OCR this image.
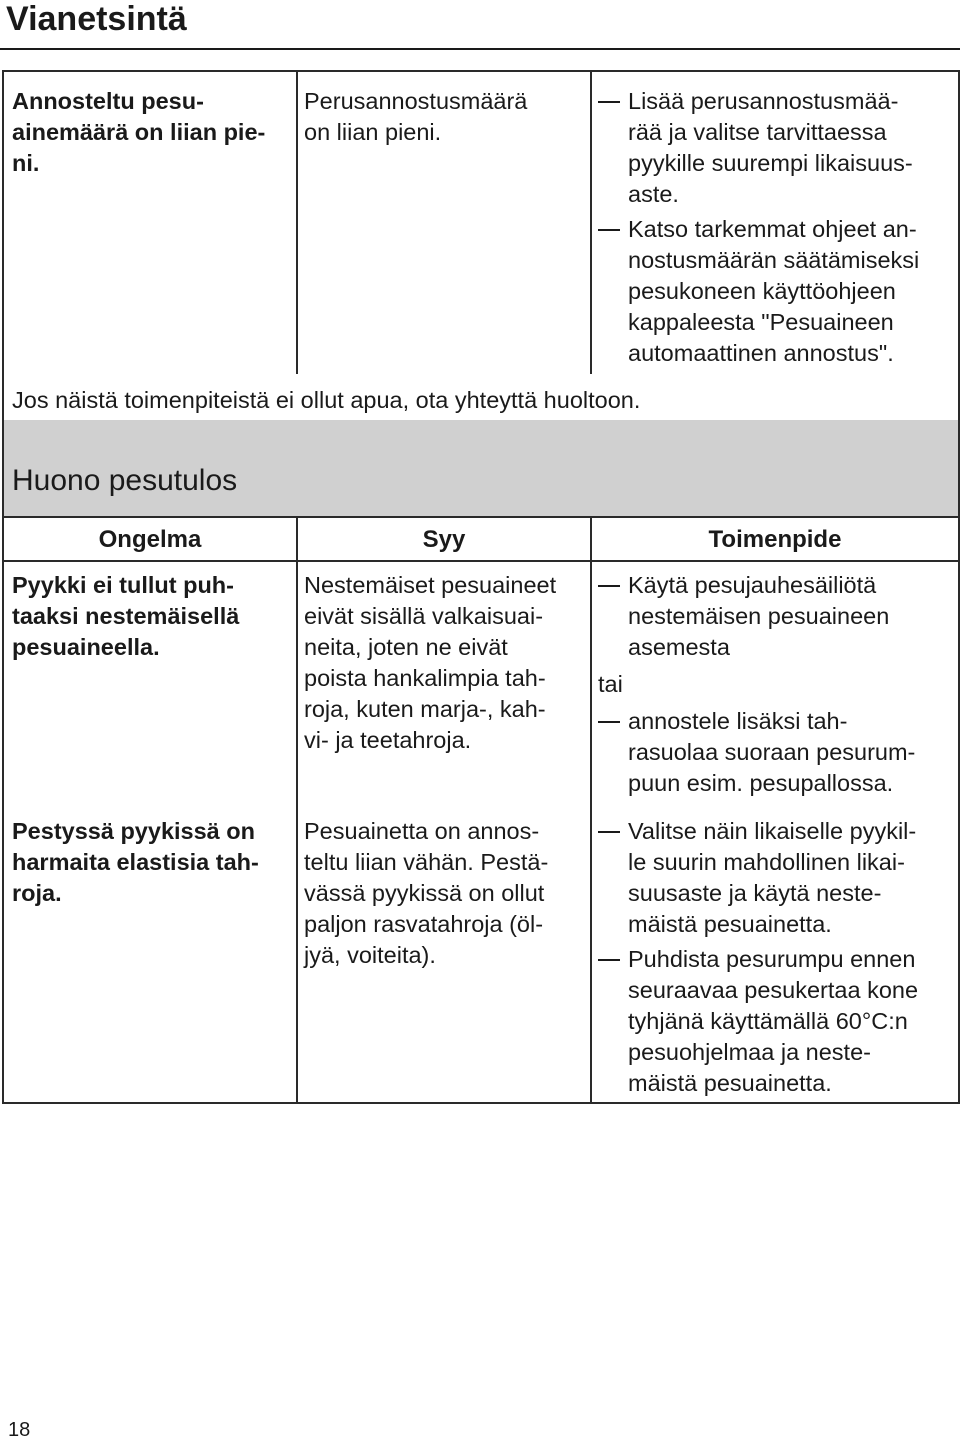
Vianetsintä
Annosteltu pesu-
ainemäärä on liian pie-
ni.
Perusannostusmäärä
on liian pieni.
Lisää perusannostusmää-
rää ja valitse tarvittaessa
pyykille suurempi likaisuus-
aste.
Katso tarkemmat ohjeet an-
nostusmäärän säätämiseksi
pesukoneen käyttöohjeen
kappaleesta "Pesuaineen
automaattinen annostus".
Jos näistä toimenpiteistä ei ollut apua, ota yhteyttä huoltoon.
Huono pesutulos
Ongelma	Syy	Toimenpide
Pyykki ei tullut puh-
taaksi nestemäisellä
pesuaineella.
Nestemäiset pesuaineet
eivät sisällä valkaisuai-
neita, joten ne eivät
poista hankalimpia tah-
roja, kuten marja-, kah-
vi- ja teetahroja.
Käytä pesujauhesäiliötä
nestemäisen pesuaineen
asemesta
tai
annostele lisäksi tah-
rasuolaa suoraan pesurum-
puun esim. pesupallossa.
Pestyssä pyykissä on
harmaita elastisia tah-
roja.
Pesuainetta on annos-
teltu liian vähän. Pestä-
vässä pyykissä on ollut
paljon rasvatahroja (öl-
jyä, voiteita).
Valitse näin likaiselle pyykil-
le suurin mahdollinen likai-
suusaste ja käytä neste-
mäistä pesuainetta.
Puhdista pesurumpu ennen
seuraavaa pesukertaa kone
tyhjänä käyttämällä 60°C:n
pesuohjelmaa ja neste-
mäistä pesuainetta.
18
